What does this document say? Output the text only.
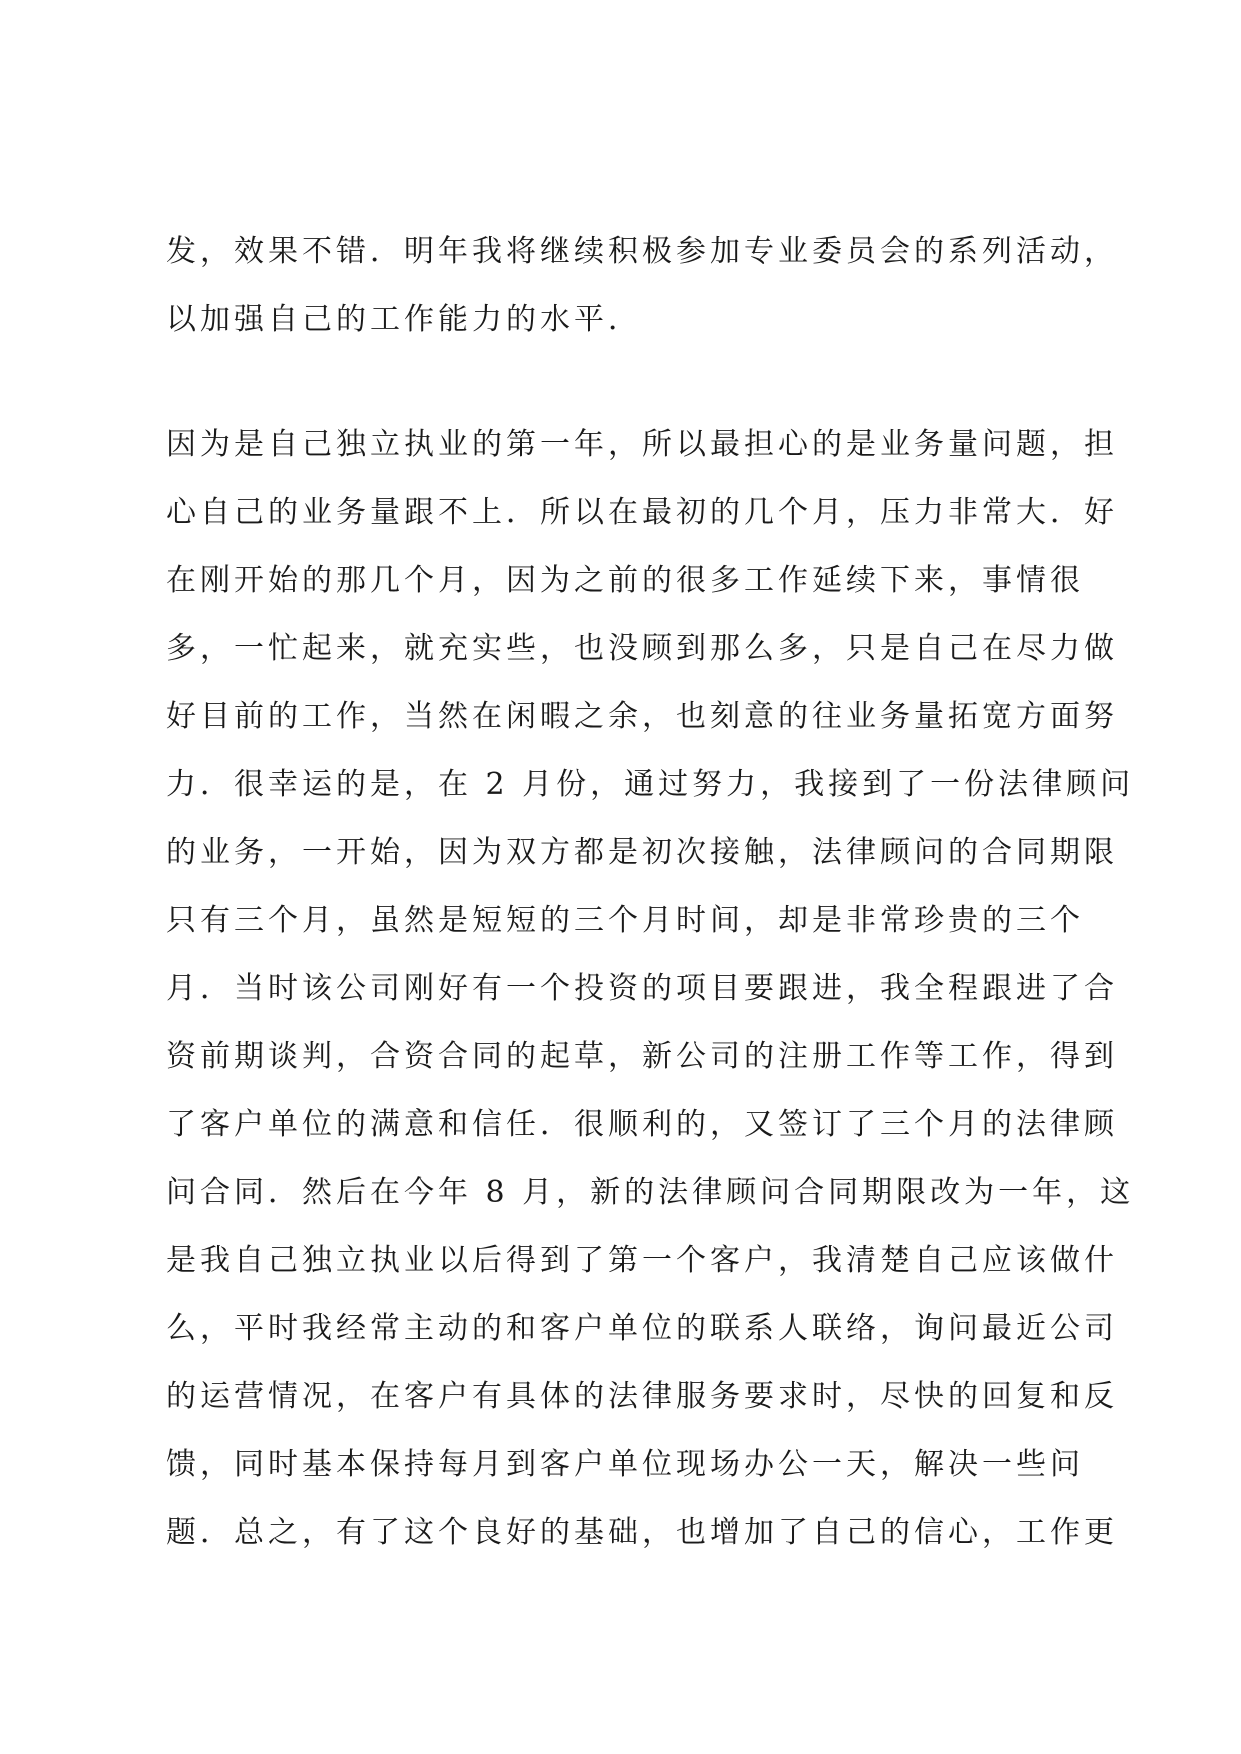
发，效果不错．明年我将继续积极参加专业委员会的系列活动，
以加强自己的工作能力的水平．
因为是自己独立执业的第一年，所以最担心的是业务量问题，担
心自己的业务量跟不上．所以在最初的几个月，压力非常大．好
在刚开始的那几个月，因为之前的很多工作延续下来，事情很
多，一忙起来，就充实些，也没顾到那么多，只是自己在尽力做
好目前的工作，当然在闲暇之余，也刻意的往业务量拓宽方面努
力．很幸运的是，在 2 月份，通过努力，我接到了一份法律顾问
的业务，一开始，因为双方都是初次接触，法律顾问的合同期限
只有三个月，虽然是短短的三个月时间，却是非常珍贵的三个
月．当时该公司刚好有一个投资的项目要跟进，我全程跟进了合
资前期谈判，合资合同的起草，新公司的注册工作等工作，得到
了客户单位的满意和信任．很顺利的，又签订了三个月的法律顾
问合同．然后在今年 8 月，新的法律顾问合同期限改为一年，这
是我自己独立执业以后得到了第一个客户，我清楚自己应该做什
么，平时我经常主动的和客户单位的联系人联络，询问最近公司
的运营情况，在客户有具体的法律服务要求时，尽快的回复和反
馈，同时基本保持每月到客户单位现场办公一天，解决一些问
题．总之，有了这个良好的基础，也增加了自己的信心，工作更
